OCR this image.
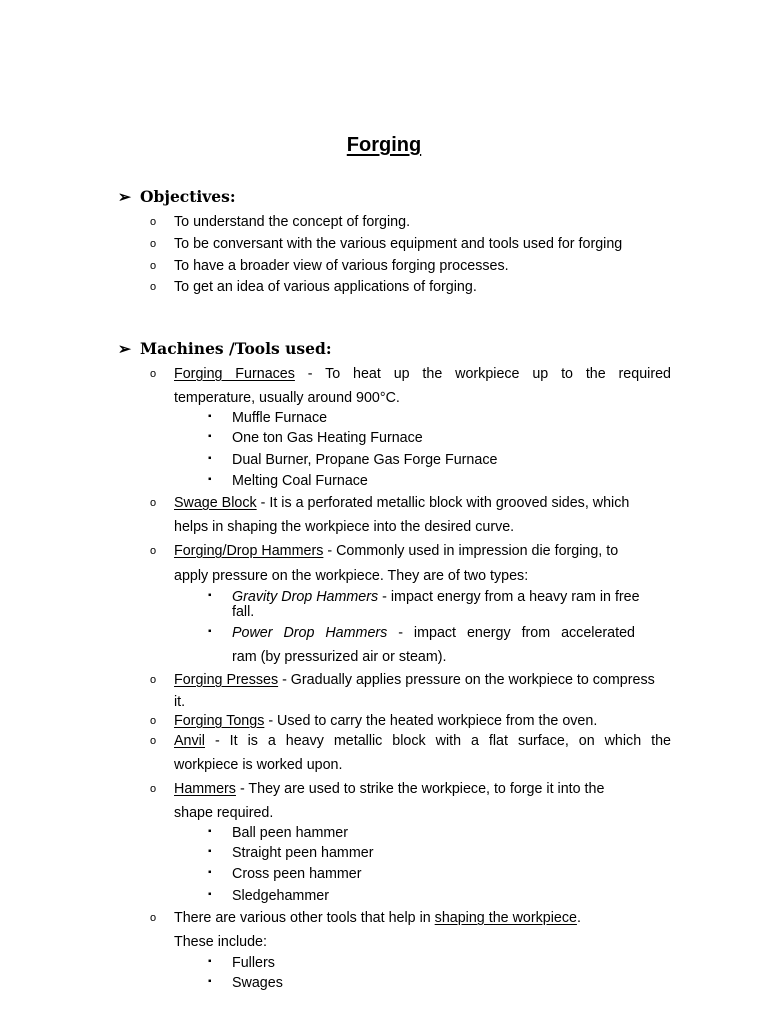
Forging
➢ Objectives:
o To understand the concept of forging.
o To be conversant with the various equipment and tools used for forging
o To have a broader view of various forging processes.
o To get an idea of various applications of forging.
➢ Machines /Tools used:
o Forging Furnaces - To heat up the workpiece up to the required
temperature, usually around 900°C.
▪ Muffle Furnace
▪ One ton Gas Heating Furnace
▪ Dual Burner, Propane Gas Forge Furnace
▪ Melting Coal Furnace
o Swage Block - It is a perforated metallic block with grooved sides, which
helps in shaping the workpiece into the desired curve.
o Forging/Drop Hammers - Commonly used in impression die forging, to
apply pressure on the workpiece. They are of two types:
▪ Gravity Drop Hammers - impact energy from a heavy ram in free
fall.
▪ Power Drop Hammers - impact energy from accelerated
ram (by pressurized air or steam).
o Forging Presses - Gradually applies pressure on the workpiece to compress
it.
o Forging Tongs - Used to carry the heated workpiece from the oven.
o Anvil - It is a heavy metallic block with a flat surface, on which the
workpiece is worked upon.
o Hammers - They are used to strike the workpiece, to forge it into the
shape required.
▪ Ball peen hammer
▪ Straight peen hammer
▪ Cross peen hammer
▪ Sledgehammer
o There are various other tools that help in shaping the workpiece.
These include:
▪ Fullers
▪ Swages
